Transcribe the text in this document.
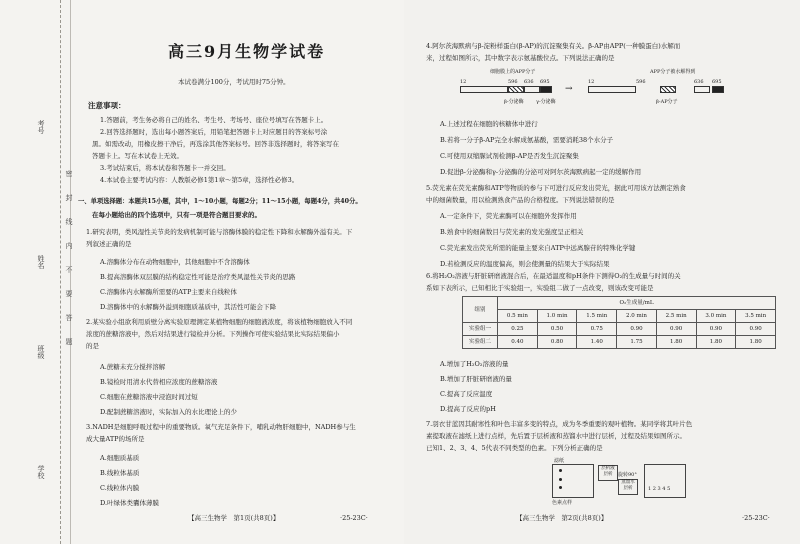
考号
姓名
班级
学校
密封线内不要答题
高三9月生物学试卷
本试卷满分100分，考试用时75分钟。
注意事项：
1.答题前，考生务必将自己的姓名、考生号、考场号、座位号填写在答题卡上。
2.回答选择题时，选出每小题答案后，用铅笔把答题卡上对应题目的答案标号涂
黑。如需改动，用橡皮擦干净后，再选涂其他答案标号。回答非选择题时，将答案写在
答题卡上。写在本试卷上无效。
3.考试结束后，将本试卷和答题卡一并交回。
4.本试卷主要考试内容：人教版必修1第1章～第5章，选择性必修3。
一、单项选择题：本题共15小题，其中，1～10小题，每题2分；11～15小题，每题4分，共40分。
在每小题给出的四个选项中，只有一项是符合题目要求的。
1.研究表明，类风湿性关节炎的发病机制可能与溶酶体膜的稳定性下降和水解酶外溢有关。下
列叙述正确的是
A.溶酶体分布在动物细胞中，其他细胞中不含溶酶体
B.提高溶酶体双层膜的结构稳定性可能是治疗类风湿性关节炎的思路
C.溶酶体内水解酶所需要的ATP主要来自线粒体
D.溶酶体中的水解酶外溢到细胞质基质中，其活性可能会下降
2.某实验小组欲利用质壁分离实验原理测定某植物细胞的细胞液浓度，将该植物细胞放入不同
浓度的蔗糖溶液中，然后对结果进行镜检并分析。下列操作可使实验结果比实际结果偏小
的是
A.蔗糖未充分搅拌溶解
B.镜检时用清水代替相应浓度的蔗糖溶液
C.细胞在蔗糖溶液中浸泡时间过短
D.配制蔗糖溶液时，实际加入的水比理论上的少
3.NADH是细胞呼吸过程中的重要物质。氧气充足条件下，哺乳动物肝细胞中，NADH参与生
成大量ATP的场所是
A.细胞质基质
B.线粒体基质
C.线粒体内膜
D.叶绿体类囊体薄膜
【高三生物学　第1页(共8页)】	·25-23C·
4.阿尔茨海默病与β-淀粉样蛋白(β-AP)的沉淀聚集有关。β-AP由APP(一种膜蛋白)水解而
来，过程如图所示，其中数字表示氨基酸位点。下列说法正确的是
细胞膜上的APP分子	APP分子被水解得到
12	596 636 695
→
12	596	636 695
β-分泌酶 γ-分泌酶	β-AP分子
A.上述过程在细胞的核糖体中进行
B.若将一分子β-AP完全水解成氨基酸，需要消耗38个水分子
C.可使用双缩脲试剂检测β-AP是否发生沉淀聚集
D.促进β-分泌酶和γ-分泌酶的分泌可对阿尔茨海默病起一定的缓解作用
5.荧光素在荧光素酶和ATP等物质的参与下可进行反应发出荧光，据此可用该方法测定熟食
中的细菌数量，用以检测熟食产品的合格程度。下列说法错误的是
A.一定条件下，荧光素酶可以在细胞外发挥作用
B.熟食中的细菌数目与荧光素的发光强度呈正相关
C.荧光素发出荧光所需的能量主要来自ATP中远离腺苷的特殊化学键
D.若检测反应的温度偏高，则会使测量的结果大于实际结果
6.将H₂O₂溶液与肝脏研磨液混合后，在最适温度和pH条件下测得O₂的生成量与时间的关
系如下表所示，已知相比于实验组一，实验组二做了一点改变，则该改变可能是
组别	O₂生成量/mL						
	0.5 min	1.0 min	1.5 min	2.0 min	2.5 min	3.0 min	3.5 min
实验组一	0.25	0.50	0.75	0.90	0.90	0.90	0.90
实验组二	0.40	0.80	1.40	1.75	1.80	1.80	1.80
A.增加了H₂O₂溶液的量
B.增加了肝脏研磨液的量
C.提高了反应温度
D.提高了反应的pH
7.羽衣甘蓝因其耐寒性和叶色丰富多变的特点，成为冬季重要的观叶植物。某同学将其叶片色
素提取液在滤纸上进行点样，先后置于层析液和蒸馏水中进行层析，过程及结果如图所示。
已知1、2、3、4、5代表不同类型的色素。下列分析正确的是
滤纸
色素点样
层析液
层析	旋转90°
蒸馏水
层析	1 2 3 4 5
【高三生物学　第2页(共8页)】	·25-23C·
